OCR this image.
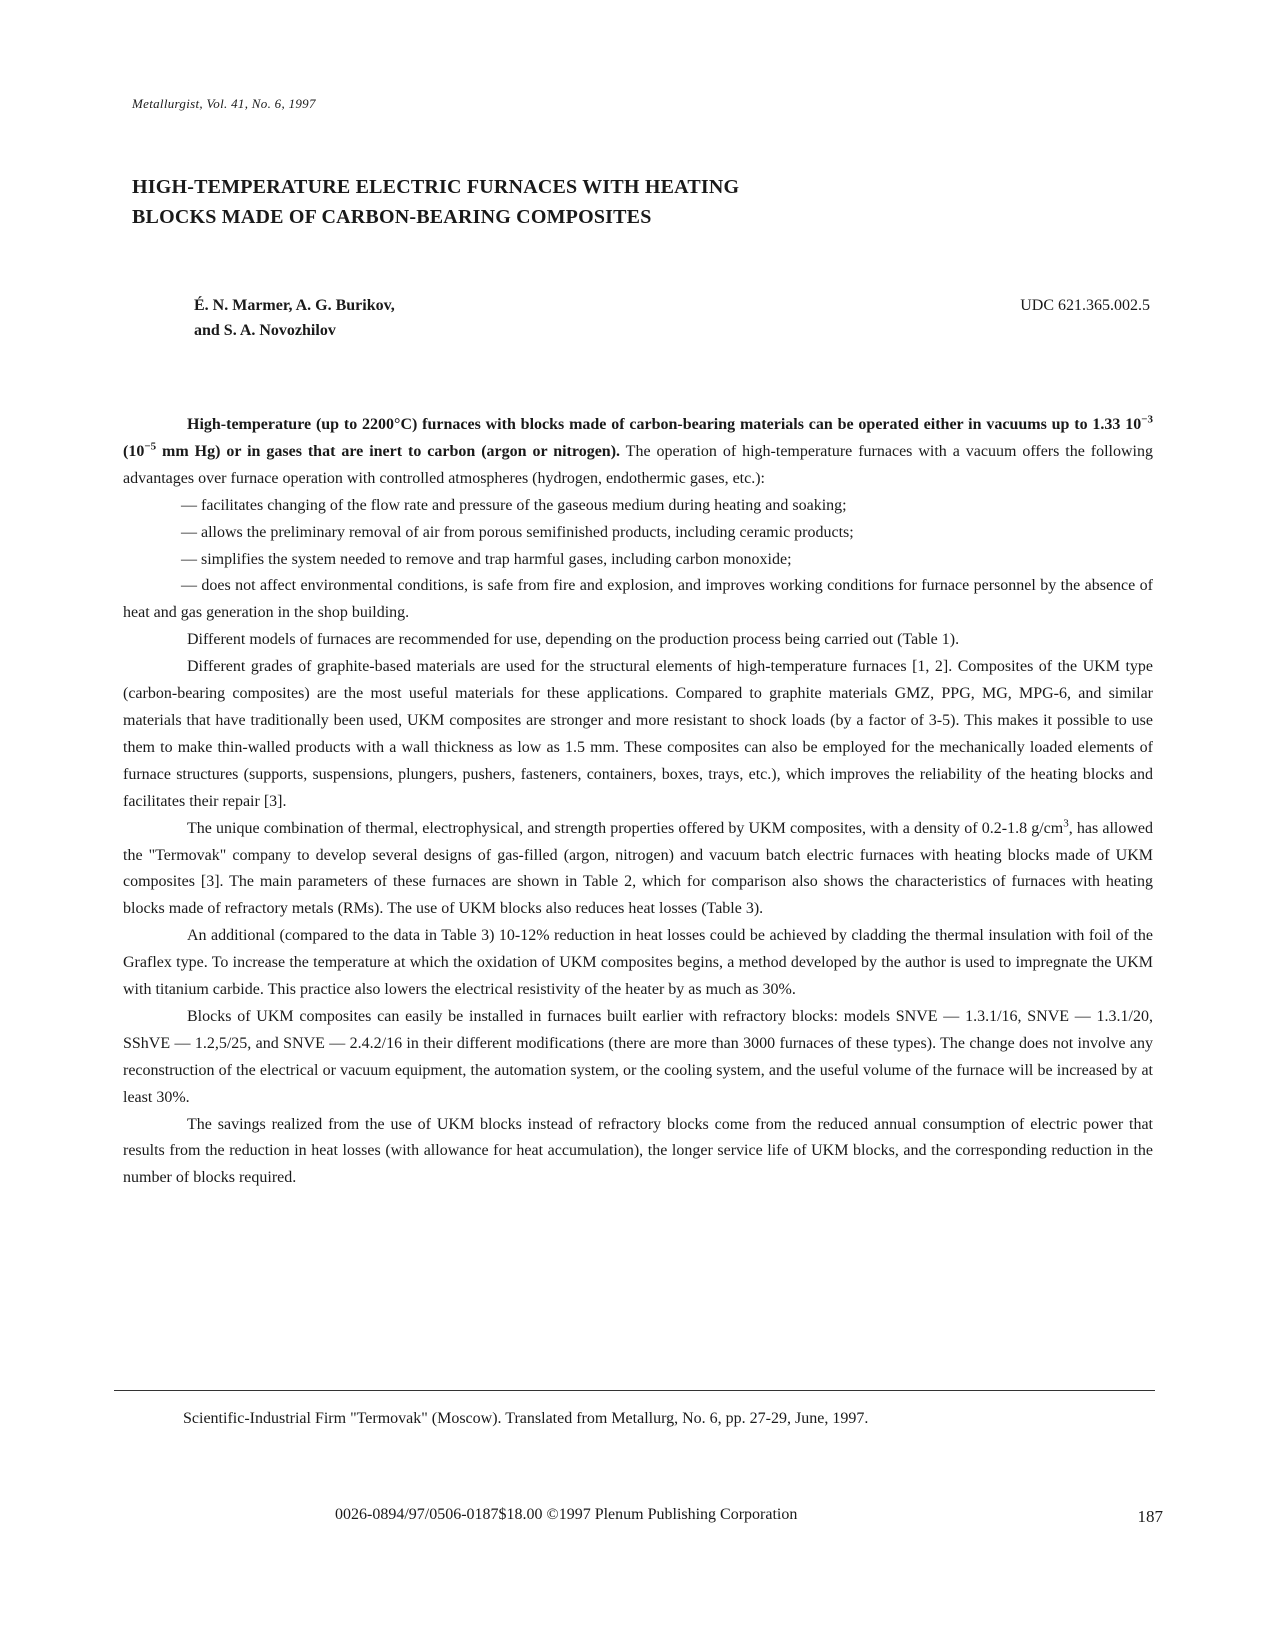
Metallurgist, Vol. 41, No. 6, 1997
HIGH-TEMPERATURE ELECTRIC FURNACES WITH HEATING
BLOCKS MADE OF CARBON-BEARING COMPOSITES
É. N. Marmer, A. G. Burikov,
and S. A. Novozhilov
UDC 621.365.002.5

High-temperature (up to 2200°C) furnaces with blocks made of carbon-bearing materials can be operated either in vacuums up to 1.33 $10^{-3}$ ($10^{-5}$ mm Hg) or in gases that are inert to carbon (argon or nitrogen). The operation of high-temperature furnaces with a vacuum offers the following advantages over furnace operation with controlled atmospheres (hydrogen, endothermic gases, etc.):

— facilitates changing of the flow rate and pressure of the gaseous medium during heating and soaking;

— allows the preliminary removal of air from porous semifinished products, including ceramic products;

— simplifies the system needed to remove and trap harmful gases, including carbon monoxide;

— does not affect environmental conditions, is safe from fire and explosion, and improves working conditions for furnace personnel by the absence of heat and gas generation in the shop building.

Different models of furnaces are recommended for use, depending on the production process being carried out (Table 1).

Different grades of graphite-based materials are used for the structural elements of high-temperature furnaces [1, 2]. Composites of the UKM type (carbon-bearing composites) are the most useful materials for these applications. Compared to graphite materials GMZ, PPG, MG, MPG-6, and similar materials that have traditionally been used, UKM composites are stronger and more resistant to shock loads (by a factor of 3-5). This makes it possible to use them to make thin-walled products with a wall thickness as low as 1.5 mm. These composites can also be employed for the mechanically loaded elements of furnace structures (supports, suspensions, plungers, pushers, fasteners, containers, boxes, trays, etc.), which improves the reliability of the heating blocks and facilitates their repair [3].

The unique combination of thermal, electrophysical, and strength properties offered by UKM composites, with a density of 0.2-1.8 $g/cm^3$, has allowed the "Termovak" company to develop several designs of gas-filled (argon, nitrogen) and vacuum batch electric furnaces with heating blocks made of UKM composites [3]. The main parameters of these furnaces are shown in Table 2, which for comparison also shows the characteristics of furnaces with heating blocks made of refractory metals (RMs). The use of UKM blocks also reduces heat losses (Table 3).

An additional (compared to the data in Table 3) 10-12% reduction in heat losses could be achieved by cladding the thermal insulation with foil of the Graflex type. To increase the temperature at which the oxidation of UKM composites begins, a method developed by the author is used to impregnate the UKM with titanium carbide. This practice also lowers the electrical resistivity of the heater by as much as 30%.

Blocks of UKM composites can easily be installed in furnaces built earlier with refractory blocks: models SNVE — 1.3.1/16, SNVE — 1.3.1/20, SShVE — 1.2,5/25, and SNVE — 2.4.2/16 in their different modifications (there are more than 3000 furnaces of these types). The change does not involve any reconstruction of the electrical or vacuum equipment, the automation system, or the cooling system, and the useful volume of the furnace will be increased by at least 30%.

The savings realized from the use of UKM blocks instead of refractory blocks come from the reduced annual consumption of electric power that results from the reduction in heat losses (with allowance for heat accumulation), the longer service life of UKM blocks, and the corresponding reduction in the number of blocks required.

Scientific-Industrial Firm "Termovak" (Moscow). Translated from Metallurg, No. 6, pp. 27-29, June, 1997.
0026-0894/97/0506-0187$18.00 ©1997 Plenum Publishing Corporation	187
